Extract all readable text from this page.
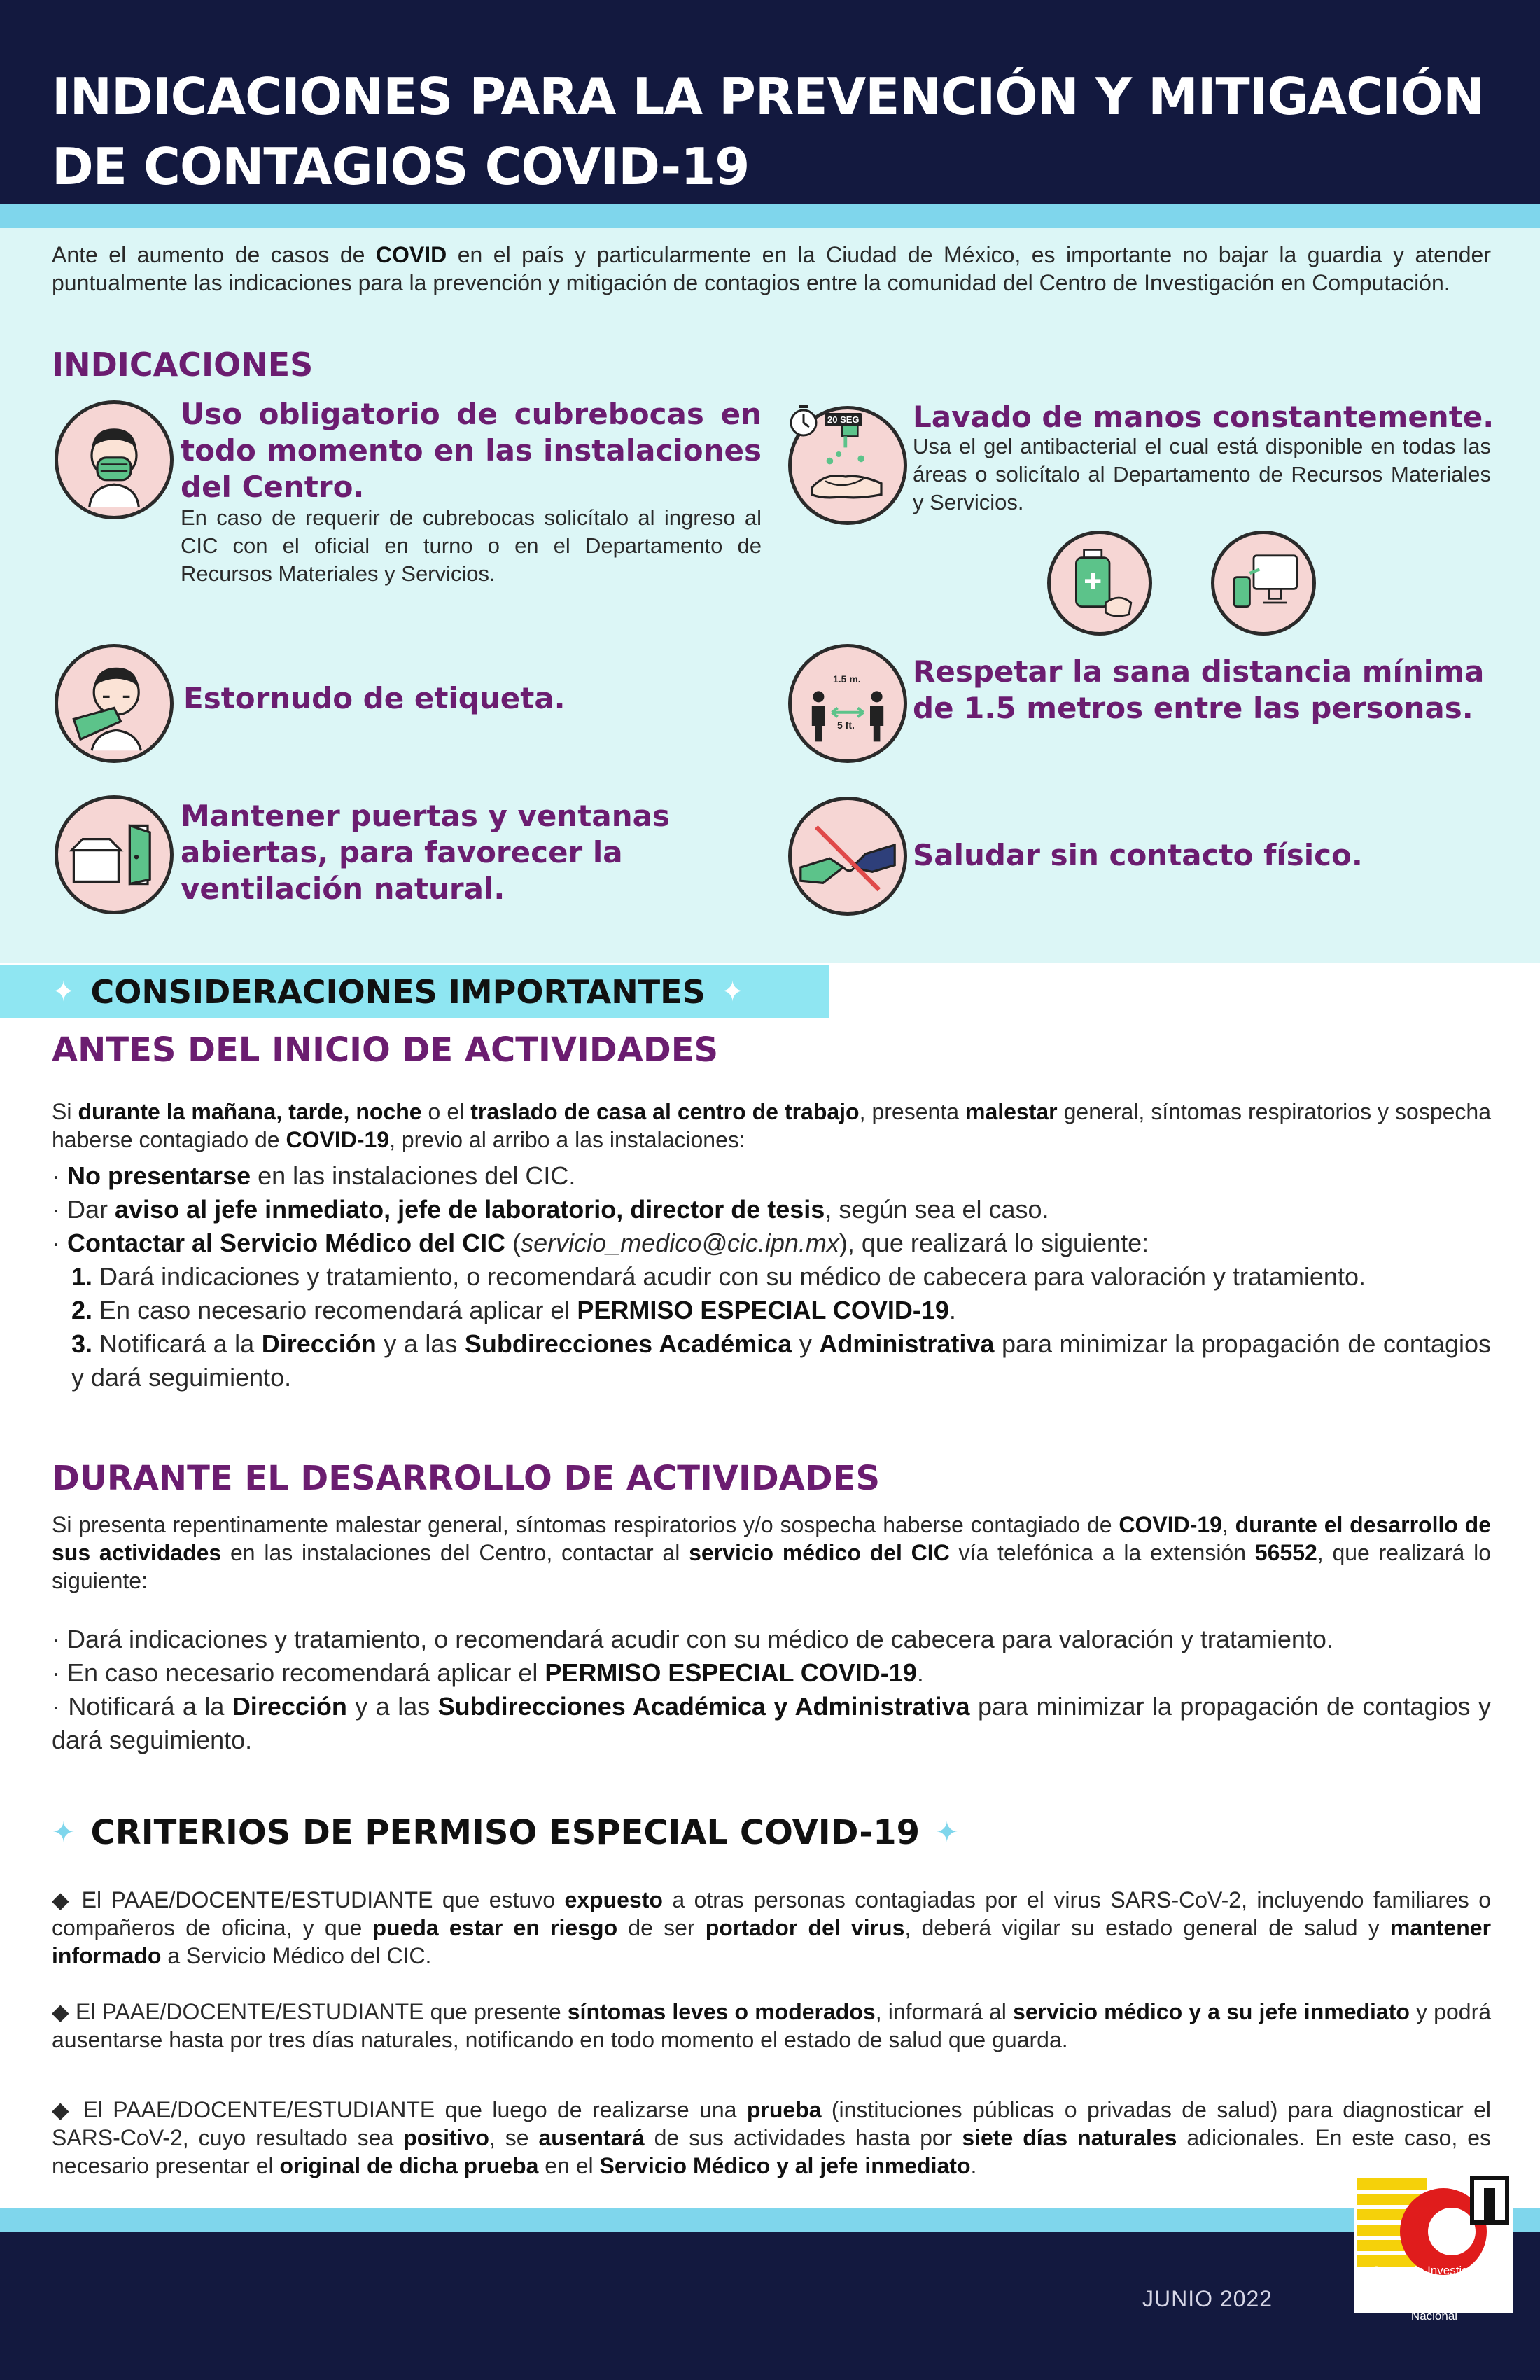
INDICACIONES PARA LA PREVENCIÓN Y MITIGACIÓN
DE CONTAGIOS COVID-19
Ante el aumento de casos de COVID en el país y particularmente en la Ciudad de México, es importante no bajar la guardia y atender puntualmente las indicaciones para la prevención y mitigación de contagios entre la comunidad del Centro de Investigación en Computación.
INDICACIONES
Uso obligatorio de cubrebocas en todo momento en las instalaciones del Centro.
En caso de requerir de cubrebocas solicítalo al ingreso al CIC con el oficial en turno o en el Departamento de Recursos Materiales y Servicios.
20 SEG Lavado de manos constantemente.
Usa el gel antibacterial el cual está disponible en todas las áreas o solicítalo al Departamento de Recursos Materiales y Servicios.
Estornudo de etiqueta.
1.5 m.
5 ft.
Respetar la sana distancia mínima de 1.5 metros entre las personas.
Mantener puertas y ventanas abiertas, para favorecer la ventilación natural.
Saludar sin contacto físico.
✦ CONSIDERACIONES IMPORTANTES ✦
ANTES DEL INICIO DE ACTIVIDADES
Si durante la mañana, tarde, noche o el traslado de casa al centro de trabajo, presenta malestar general, síntomas respiratorios y sospecha haberse contagiado de COVID-19, previo al arribo a las instalaciones:
· No presentarse en las instalaciones del CIC.
· Dar aviso al jefe inmediato, jefe de laboratorio, director de tesis, según sea el caso.
· Contactar al Servicio Médico del CIC (servicio_medico@cic.ipn.mx), que realizará lo siguiente:
1. Dará indicaciones y tratamiento, o recomendará acudir con su médico de cabecera para valoración y tratamiento.
2. En caso necesario recomendará aplicar el PERMISO ESPECIAL COVID-19.
3. Notificará a la Dirección y a las Subdirecciones Académica y Administrativa para minimizar la propagación de contagios y dará seguimiento.
DURANTE EL DESARROLLO DE ACTIVIDADES
Si presenta repentinamente malestar general, síntomas respiratorios y/o sospecha haberse contagiado de COVID-19, durante el desarrollo de sus actividades en las instalaciones del Centro, contactar al servicio médico del CIC vía telefónica a la extensión 56552, que realizará lo siguiente:
· Dará indicaciones y tratamiento, o recomendará acudir con su médico de cabecera para valoración y tratamiento.
· En caso necesario recomendará aplicar el PERMISO ESPECIAL COVID-19.
· Notificará a la Dirección y a las Subdirecciones Académica y Administrativa para minimizar la propagación de contagios y dará seguimiento.
✦ CRITERIOS DE PERMISO ESPECIAL COVID-19 ✦
◆ El PAAE/DOCENTE/ESTUDIANTE que estuvo expuesto a otras personas contagiadas por el virus SARS-CoV-2, incluyendo familiares o compañeros de oficina, y que pueda estar en riesgo de ser portador del virus, deberá vigilar su estado general de salud y mantener informado a Servicio Médico del CIC.
◆ El PAAE/DOCENTE/ESTUDIANTE que presente síntomas leves o moderados, informará al servicio médico y a su jefe inmediato y podrá ausentarse hasta por tres días naturales, notificando en todo momento el estado de salud que guarda.
◆ El PAAE/DOCENTE/ESTUDIANTE que luego de realizarse una prueba (instituciones públicas o privadas de salud) para diagnosticar el SARS-CoV-2, cuyo resultado sea positivo, se ausentará de sus actividades hasta por siete días naturales adicionales. En este caso, es necesario presentar el original de dicha prueba en el Servicio Médico y al jefe inmediato.
JUNIO 2022
Centro de Investigación
en Computación
Instituto Politécnico Nacional
